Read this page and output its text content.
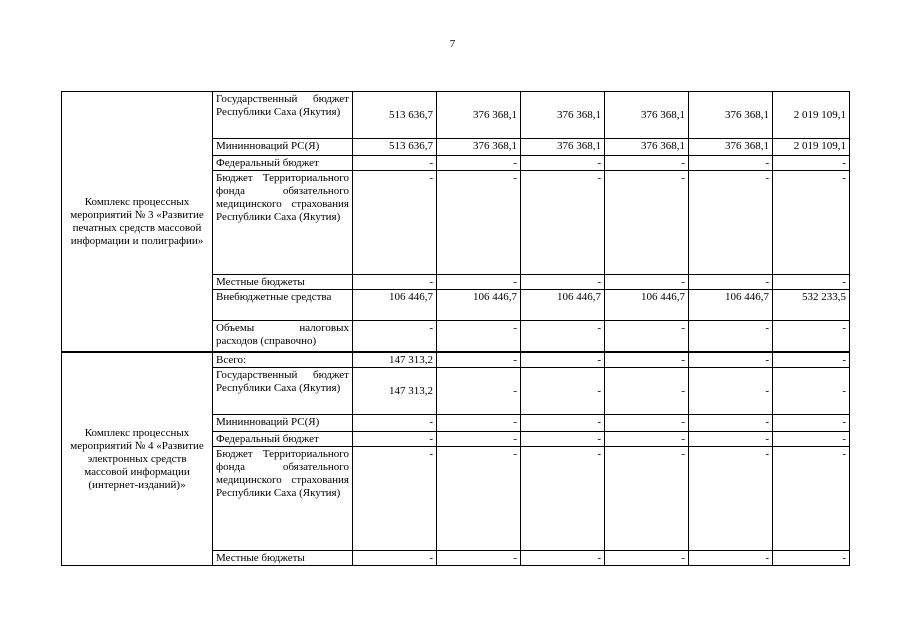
7
Комплекс процессных мероприятий № 3 «Развитие печатных средств массовой информации и полиграфии»	Государственный бюджет Республики Саха (Якутия)	513 636,7	376 368,1	376 368,1	376 368,1	376 368,1	2 019 109,1
	Мининноваций РС(Я)	513 636,7	376 368,1	376 368,1	376 368,1	376 368,1	2 019 109,1
	Федеральный бюджет	-	-	-	-	-	-
	Бюджет Территориального фонда обязательного медицинского страхования Республики Саха (Якутия)	-	-	-	-	-	-
	Местные бюджеты	-	-	-	-	-	-
	Внебюджетные средства	106 446,7	106 446,7	106 446,7	106 446,7	106 446,7	532 233,5
	Объемы налоговых расходов (справочно)	-	-	-	-	-	-
Комплекс процессных мероприятий № 4 «Развитие электронных средств массовой информации (интернет-изданий)»	Всего:	147 313,2	-	-	-	-	-
	Государственный бюджет Республики Саха (Якутия)	147 313,2	-	-	-	-	-
	Мининноваций РС(Я)	-	-	-	-	-	-
	Федеральный бюджет	-	-	-	-	-	-
	Бюджет Территориального фонда обязательного медицинского страхования Республики Саха (Якутия)	-	-	-	-	-	-
	Местные бюджеты	-	-	-	-	-	-
